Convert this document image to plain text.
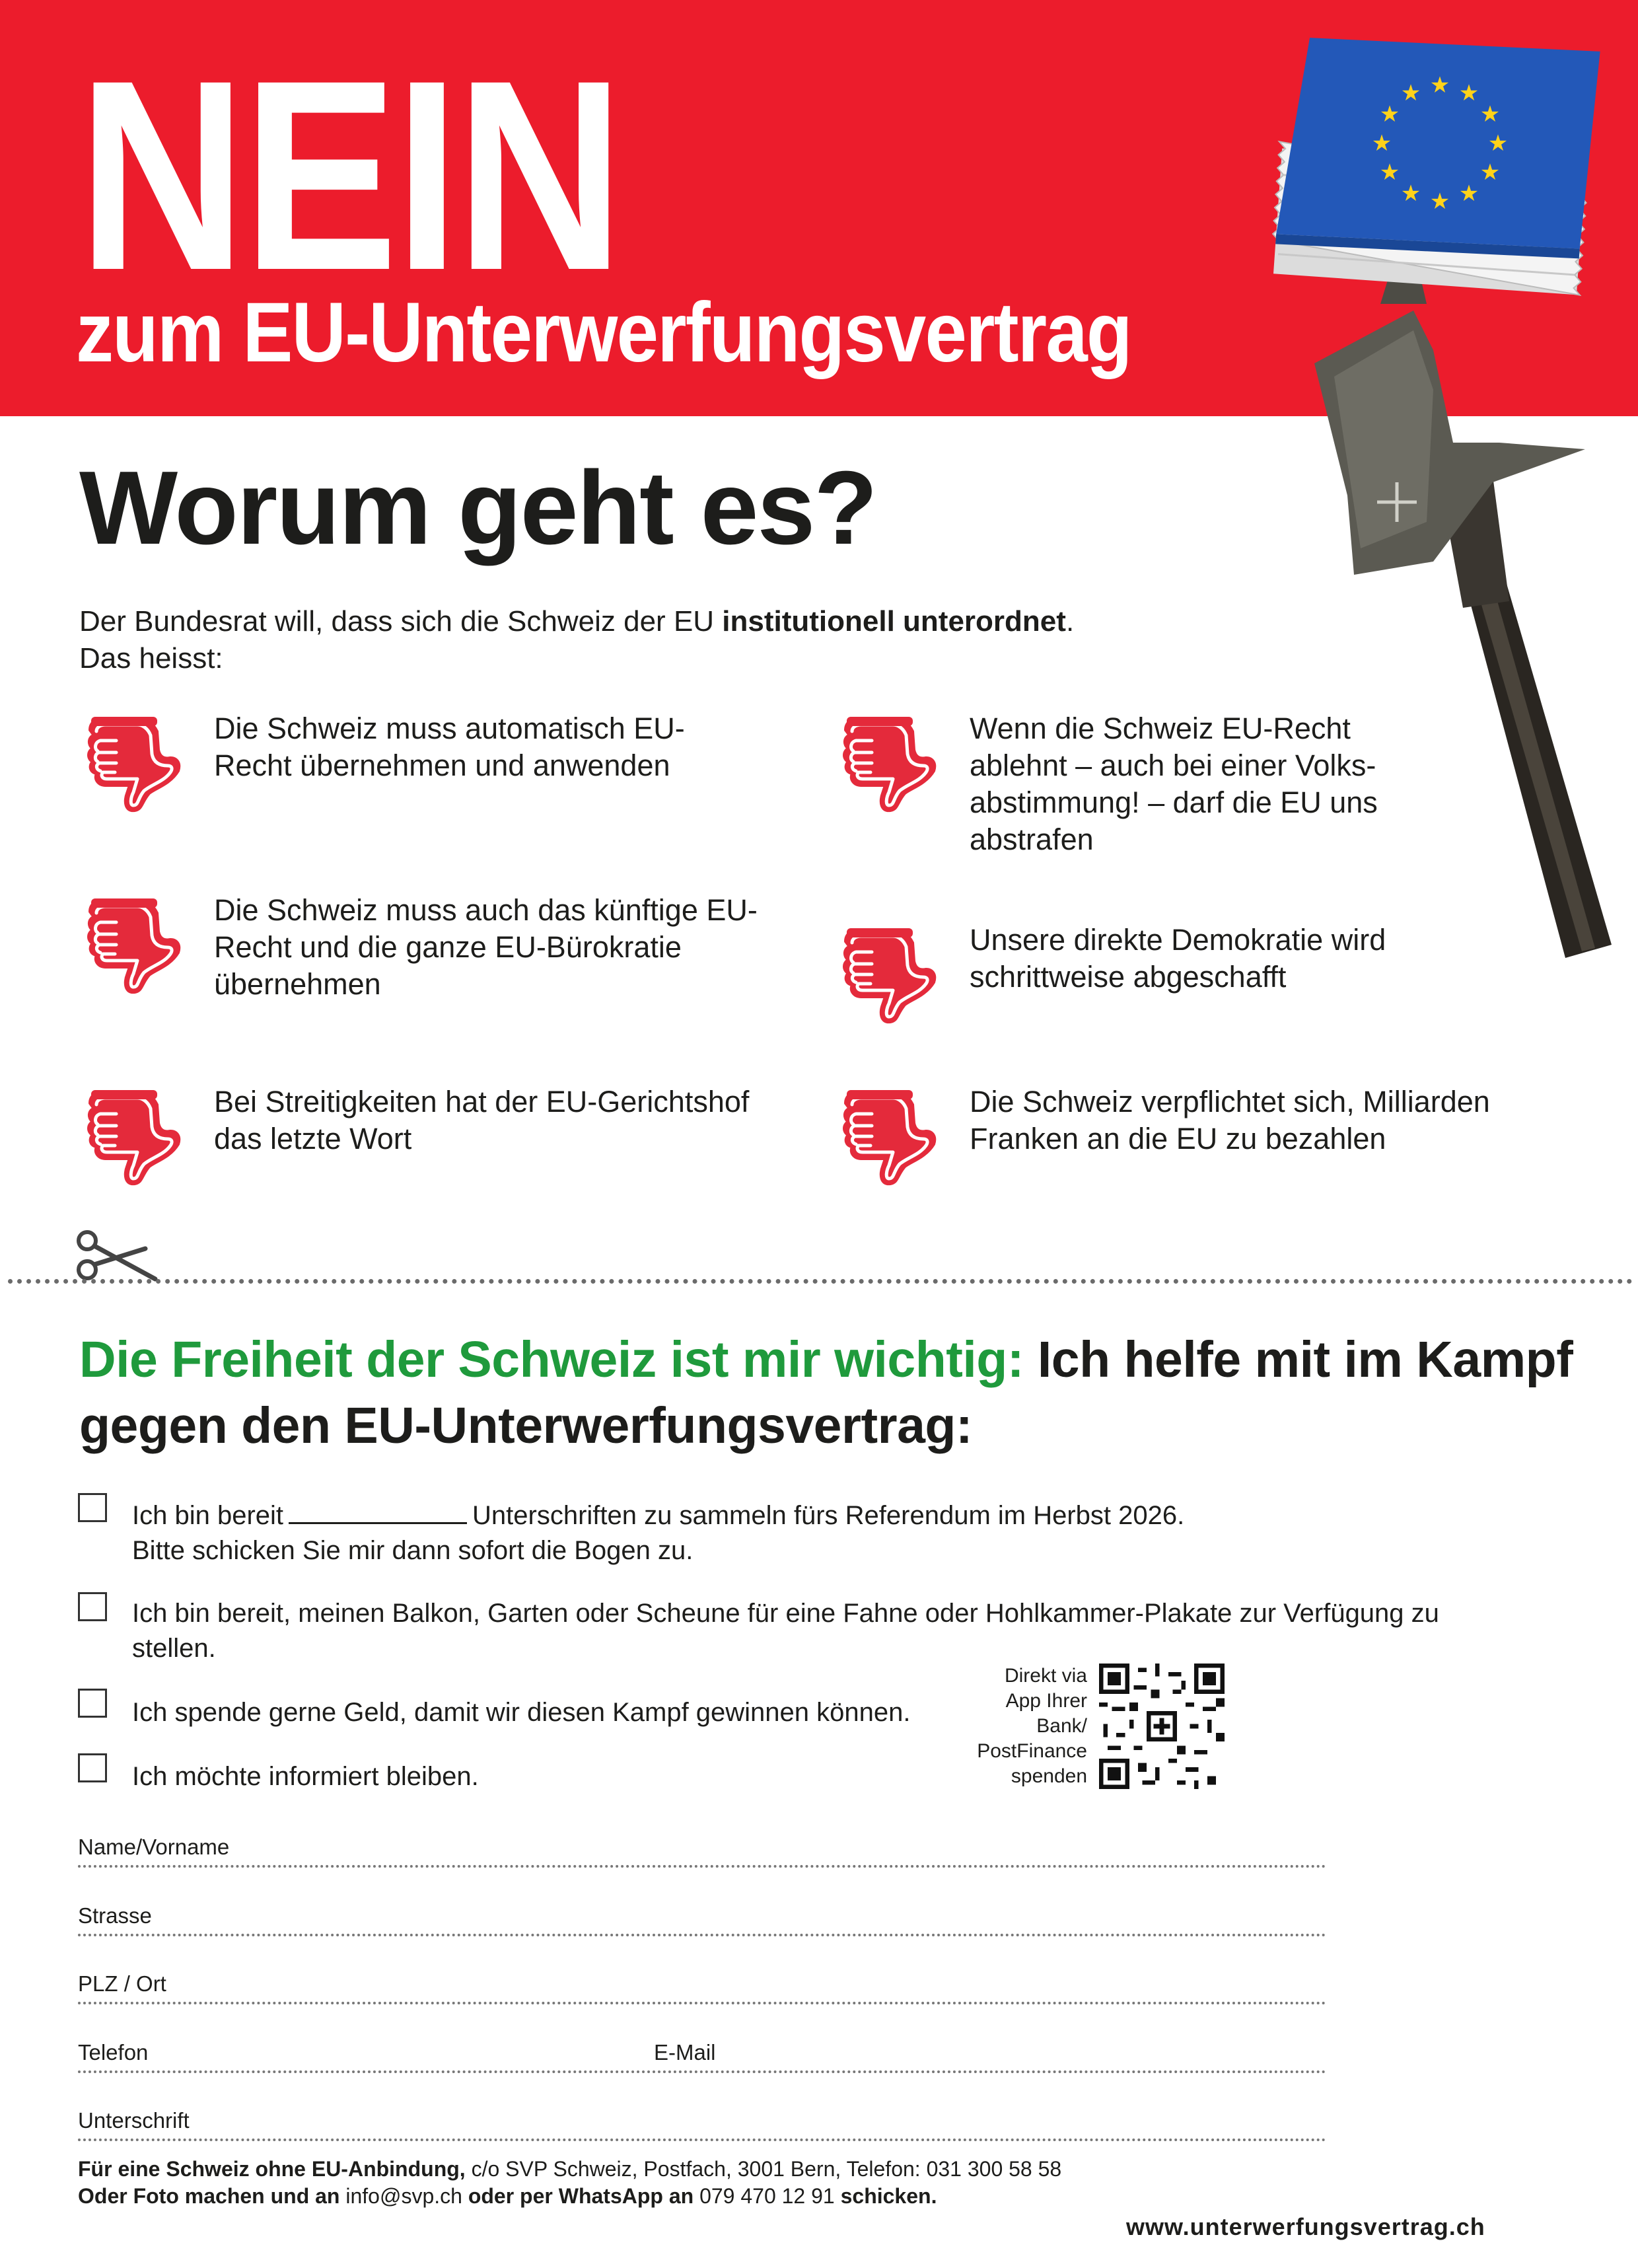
NEIN
zum EU-Unterwerfungsvertrag
★ ★
★
★
★
★
★
★
★
★
★
★
Worum geht es?
Der Bundesrat will, dass sich die Schweiz der EU institutionell unterordnet.
Das heisst:
Die Schweiz muss automatisch EU-Recht übernehmen und anwenden
Die Schweiz muss auch das künftige EU-Recht und die ganze EU-Bürokratie übernehmen
Bei Streitigkeiten hat der EU-Gerichtshof das letzte Wort
Wenn die Schweiz EU-Recht ablehnt – auch bei einer Volks-abstimmung! – darf die EU uns abstrafen
Unsere direkte Demokratie wird schrittweise abgeschafft
Die Schweiz verpflichtet sich, Milliarden Franken an die EU zu bezahlen
Die Freiheit der Schweiz ist mir wichtig: Ich helfe mit im Kampf gegen den EU-Unterwerfungsvertrag:
Ich bin bereit	Unterschriften zu sammeln fürs Referendum im Herbst 2026.
Bitte schicken Sie mir dann sofort die Bogen zu.
Ich bin bereit, meinen Balkon, Garten oder Scheune für eine Fahne oder Hohlkammer-Plakate zur Verfügung zu stellen.
Ich spende gerne Geld, damit wir diesen Kampf gewinnen können.
Ich möchte informiert bleiben.
Direkt via
App Ihrer
Bank/
PostFinance
spenden
Name/Vorname
Strasse
PLZ / Ort
Telefon	E-Mail
Unterschrift
Für eine Schweiz ohne EU-Anbindung, c/o SVP Schweiz, Postfach, 3001 Bern, Telefon: 031 300 58 58
Oder Foto machen und an info@svp.ch oder per WhatsApp an 079 470 12 91 schicken.
www.unterwerfungsvertrag.ch
